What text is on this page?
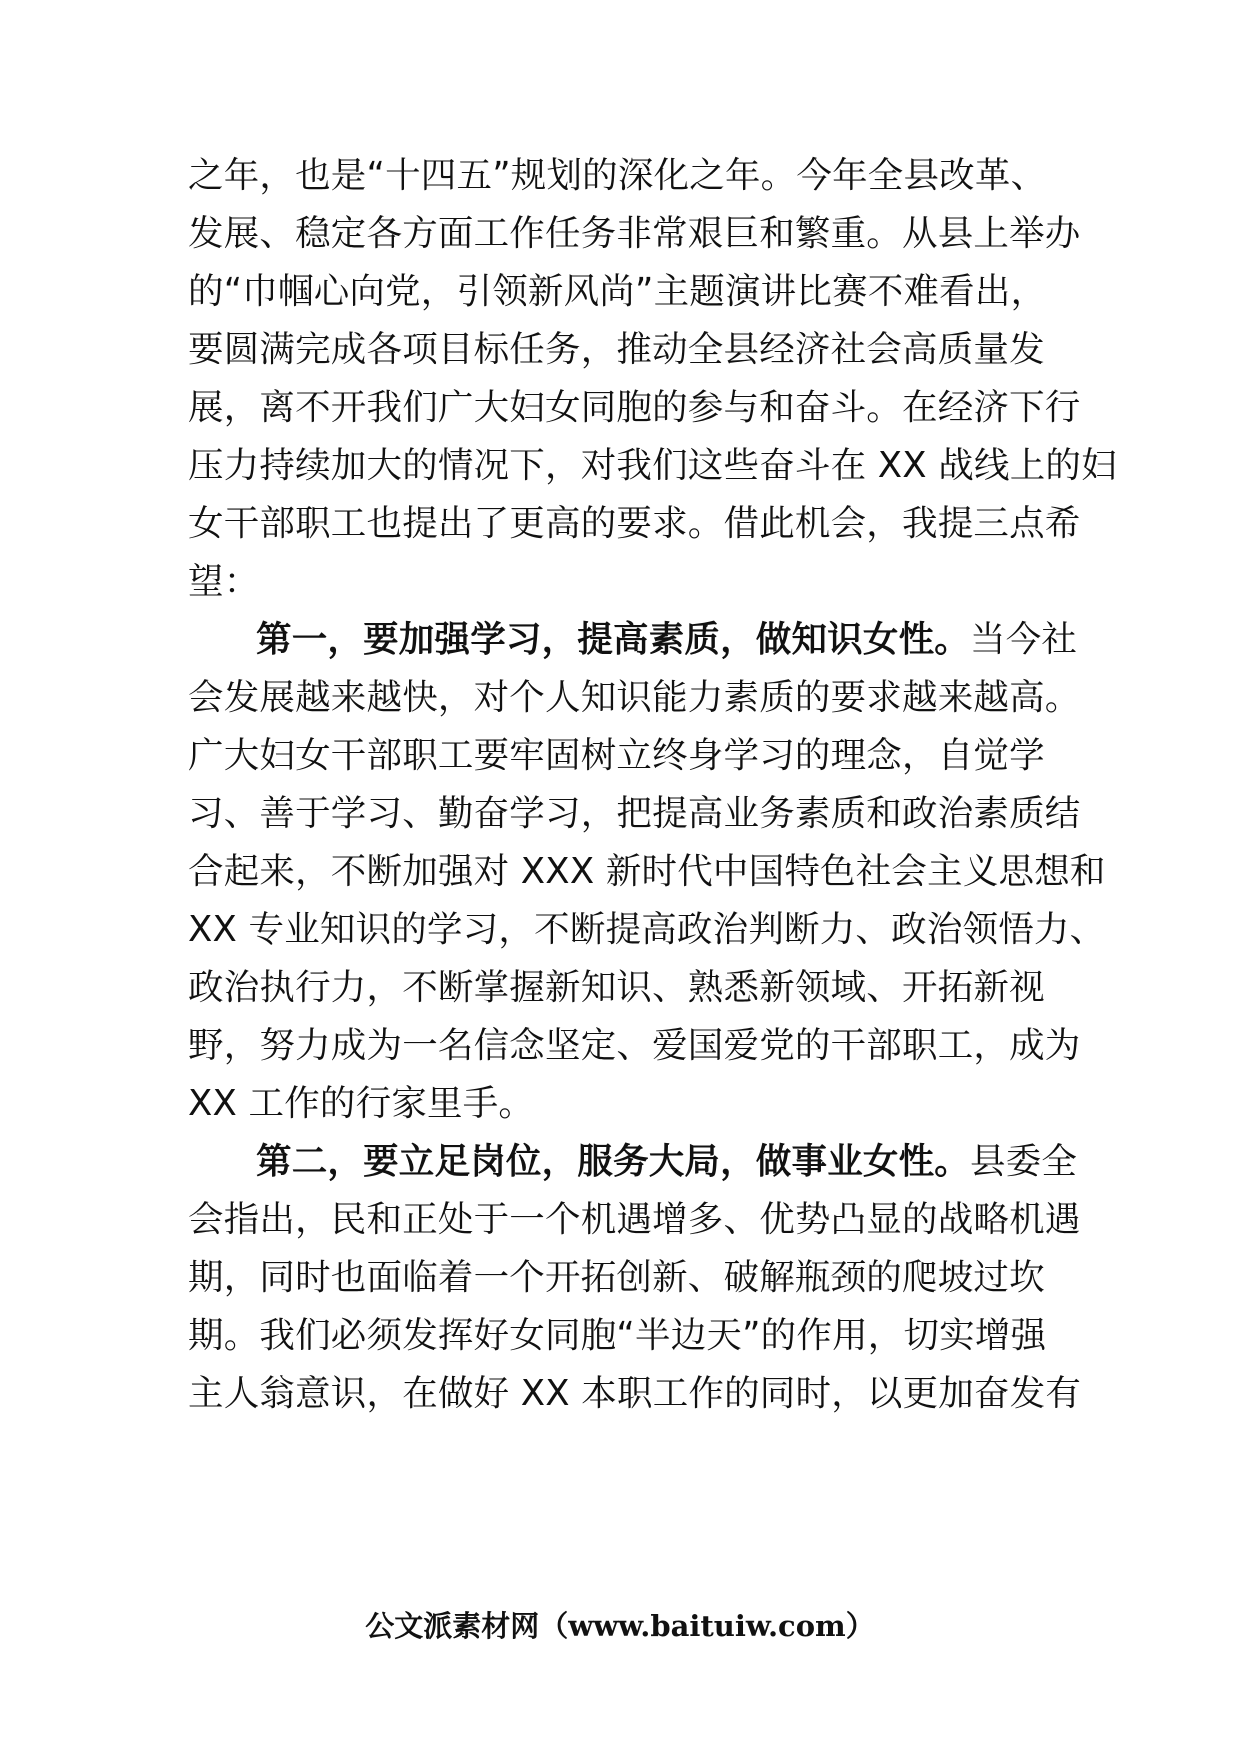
之年，也是“十四五”规划的深化之年。今年全县改革、
发展、稳定各方面工作任务非常艰巨和繁重。从县上举办
的“巾帼心向党，引领新风尚”主题演讲比赛不难看出，
要圆满完成各项目标任务，推动全县经济社会高质量发
展，离不开我们广大妇女同胞的参与和奋斗。在经济下行
压力持续加大的情况下，对我们这些奋斗在 XX 战线上的妇
女干部职工也提出了更高的要求。借此机会，我提三点希
望：
第一，要加强学习，提高素质，做知识女性。当今社
会发展越来越快，对个人知识能力素质的要求越来越高。
广大妇女干部职工要牢固树立终身学习的理念，自觉学
习、善于学习、勤奋学习，把提高业务素质和政治素质结
合起来，不断加强对 XXX 新时代中国特色社会主义思想和
XX 专业知识的学习，不断提高政治判断力、政治领悟力、
政治执行力，不断掌握新知识、熟悉新领域、开拓新视
野，努力成为一名信念坚定、爱国爱党的干部职工，成为
XX 工作的行家里手。
第二，要立足岗位，服务大局，做事业女性。县委全
会指出，民和正处于一个机遇增多、优势凸显的战略机遇
期，同时也面临着一个开拓创新、破解瓶颈的爬坡过坎
期。我们必须发挥好女同胞“半边天”的作用，切实增强
主人翁意识，在做好 XX 本职工作的同时，以更加奋发有
公文派素材网（www.baituiw.com）
